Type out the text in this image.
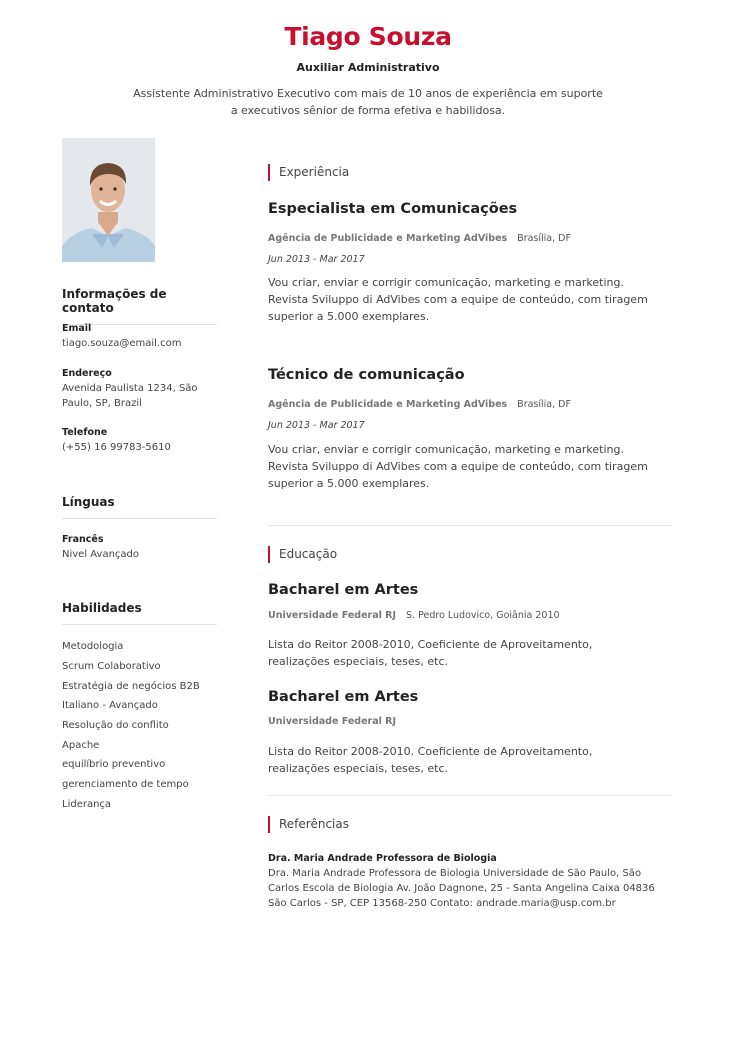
Tiago Souza
Auxiliar Administrativo
Assistente Administrativo Executivo com mais de 10 anos de experiência em suporte a executivos sênior de forma efetiva e habilidosa.
Informações de contato
Email
tiago.souza@email.com
Endereço
Avenida Paulista 1234, São Paulo, SP, Brazil
Telefone
(+55) 16 99783-5610
Línguas
Francês
Nivel Avançado
Habilidades
Metodologia
Scrum Colaborativo
Estratégia de negócios B2B
Italiano - Avançado
Resolução do conflito
Apache
equilíbrio preventivo
gerenciamento de tempo
Liderança
Experiência
Especialista em Comunicações
Agência de Publicidade e Marketing AdVibes Brasília, DF
Jun 2013 - Mar 2017
Vou criar, enviar e corrigir comunicação, marketing e marketing. Revista Sviluppo di AdVibes com a equipe de conteúdo, com tiragem superior a 5.000 exemplares.
Técnico de comunicação
Agência de Publicidade e Marketing AdVibes Brasília, DF
Jun 2013 - Mar 2017
Vou criar, enviar e corrigir comunicação, marketing e marketing. Revista Sviluppo di AdVibes com a equipe de conteúdo, com tiragem superior a 5.000 exemplares.
Educação
Bacharel em Artes
Universidade Federal RJ S. Pedro Ludovico, Goiânia 2010
Lista do Reitor 2008-2010, Coeficiente de Aproveitamento, realizações especiais, teses, etc.
Bacharel em Artes
Universidade Federal RJ
Lista do Reitor 2008-2010. Coeficiente de Aproveitamento, realizações especiais, teses, etc.
Referências
Dra. Maria Andrade Professora de Biologia
Dra. Maria Andrade Professora de Biologia Universidade de São Paulo, São Carlos Escola de Biologia Av. João Dagnone, 25 - Santa Angelina Caixa 04836 São Carlos - SP, CEP 13568-250 Contato: andrade.maria@usp.com.br
